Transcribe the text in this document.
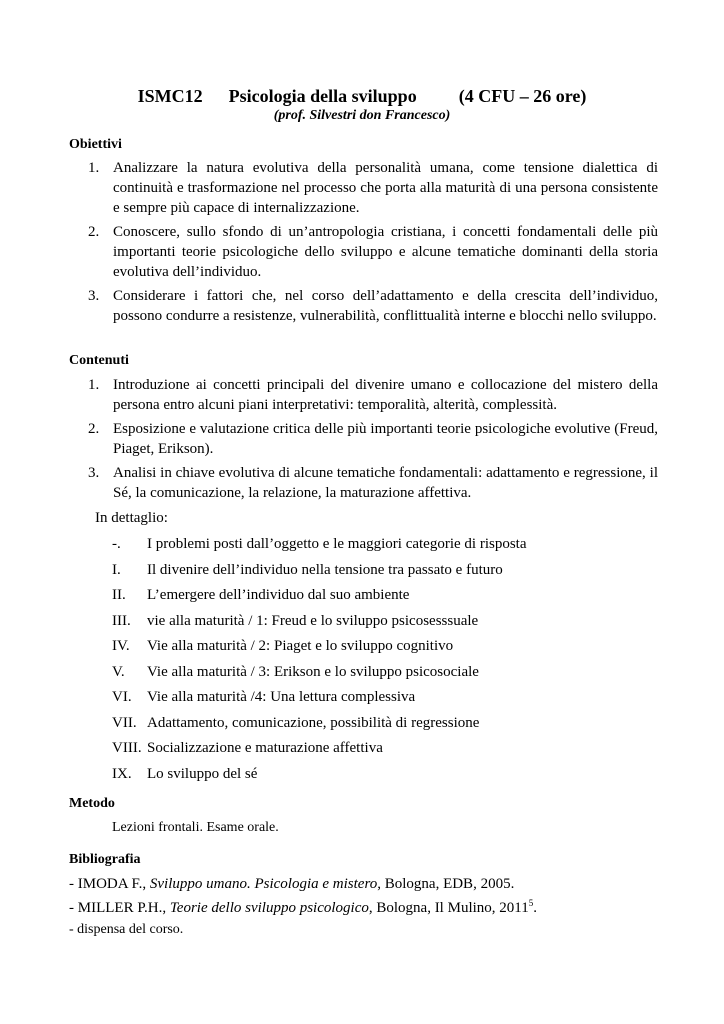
ISMC12 Psicologia della sviluppo (4 CFU – 26 ore)
(prof. Silvestri don Francesco)
Obiettivi
1. Analizzare la natura evolutiva della personalità umana, come tensione dialettica di continuità e trasformazione nel processo che porta alla maturità di una persona consistente e sempre più capace di internalizzazione.
2. Conoscere, sullo sfondo di un’antropologia cristiana, i concetti fondamentali delle più importanti teorie psicologiche dello sviluppo e alcune tematiche dominanti della storia evolutiva dell’individuo.
3. Considerare i fattori che, nel corso dell’adattamento e della crescita dell’individuo, possono condurre a resistenze, vulnerabilità, conflittualità interne e blocchi nello sviluppo.
Contenuti
1. Introduzione ai concetti principali del divenire umano e collocazione del mistero della persona entro alcuni piani interpretativi: temporalità, alterità, complessità.
2. Esposizione e valutazione critica delle più importanti teorie psicologiche evolutive (Freud, Piaget, Erikson).
3. Analisi in chiave evolutiva di alcune tematiche fondamentali: adattamento e regressione, il Sé, la comunicazione, la relazione, la maturazione affettiva.
In dettaglio:
-. I problemi posti dall’oggetto e le maggiori categorie di risposta
I. Il divenire dell’individuo nella tensione tra passato e futuro
II. L’emergere dell’individuo dal suo ambiente
III. vie alla maturità / 1: Freud e lo sviluppo psicosesssuale
IV. Vie alla maturità / 2: Piaget e lo sviluppo cognitivo
V. Vie alla maturità / 3: Erikson e lo sviluppo psicosociale
VI. Vie alla maturità /4: Una lettura complessiva
VII. Adattamento, comunicazione, possibilità di regressione
VIII. Socializzazione e maturazione affettiva
IX. Lo sviluppo del sé
Metodo
Lezioni frontali. Esame orale.
Bibliografia
- IMODA F., Sviluppo umano. Psicologia e mistero, Bologna, EDB, 2005.
- MILLER P.H., Teorie dello sviluppo psicologico, Bologna, Il Mulino, 2011$^5$.
- dispensa del corso.
